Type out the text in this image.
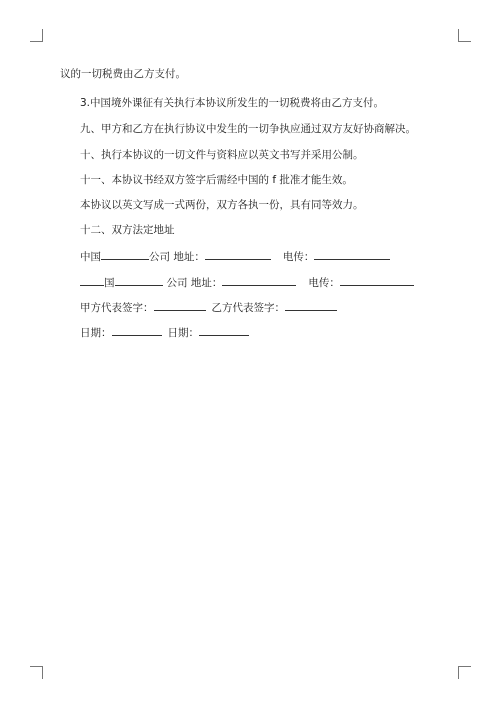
议的一切税费由乙方支付。
3.中国境外课征有关执行本协议所发生的一切税费将由乙方支付。
九、甲方和乙方在执行协议中发生的一切争执应通过双方友好协商解决。
十、执行本协议的一切文件与资料应以英文书写并采用公制。
十一、本协议书经双方签字后需经中国的 f 批准才能生效。
本协议以英文写成一式两份，双方各执一份，具有同等效力。
十二、双方法定地址
中国	公司 地址：	电传：
国	公司 地址：	电传：
甲方代表签字：	乙方代表签字：
日期：	日期：
